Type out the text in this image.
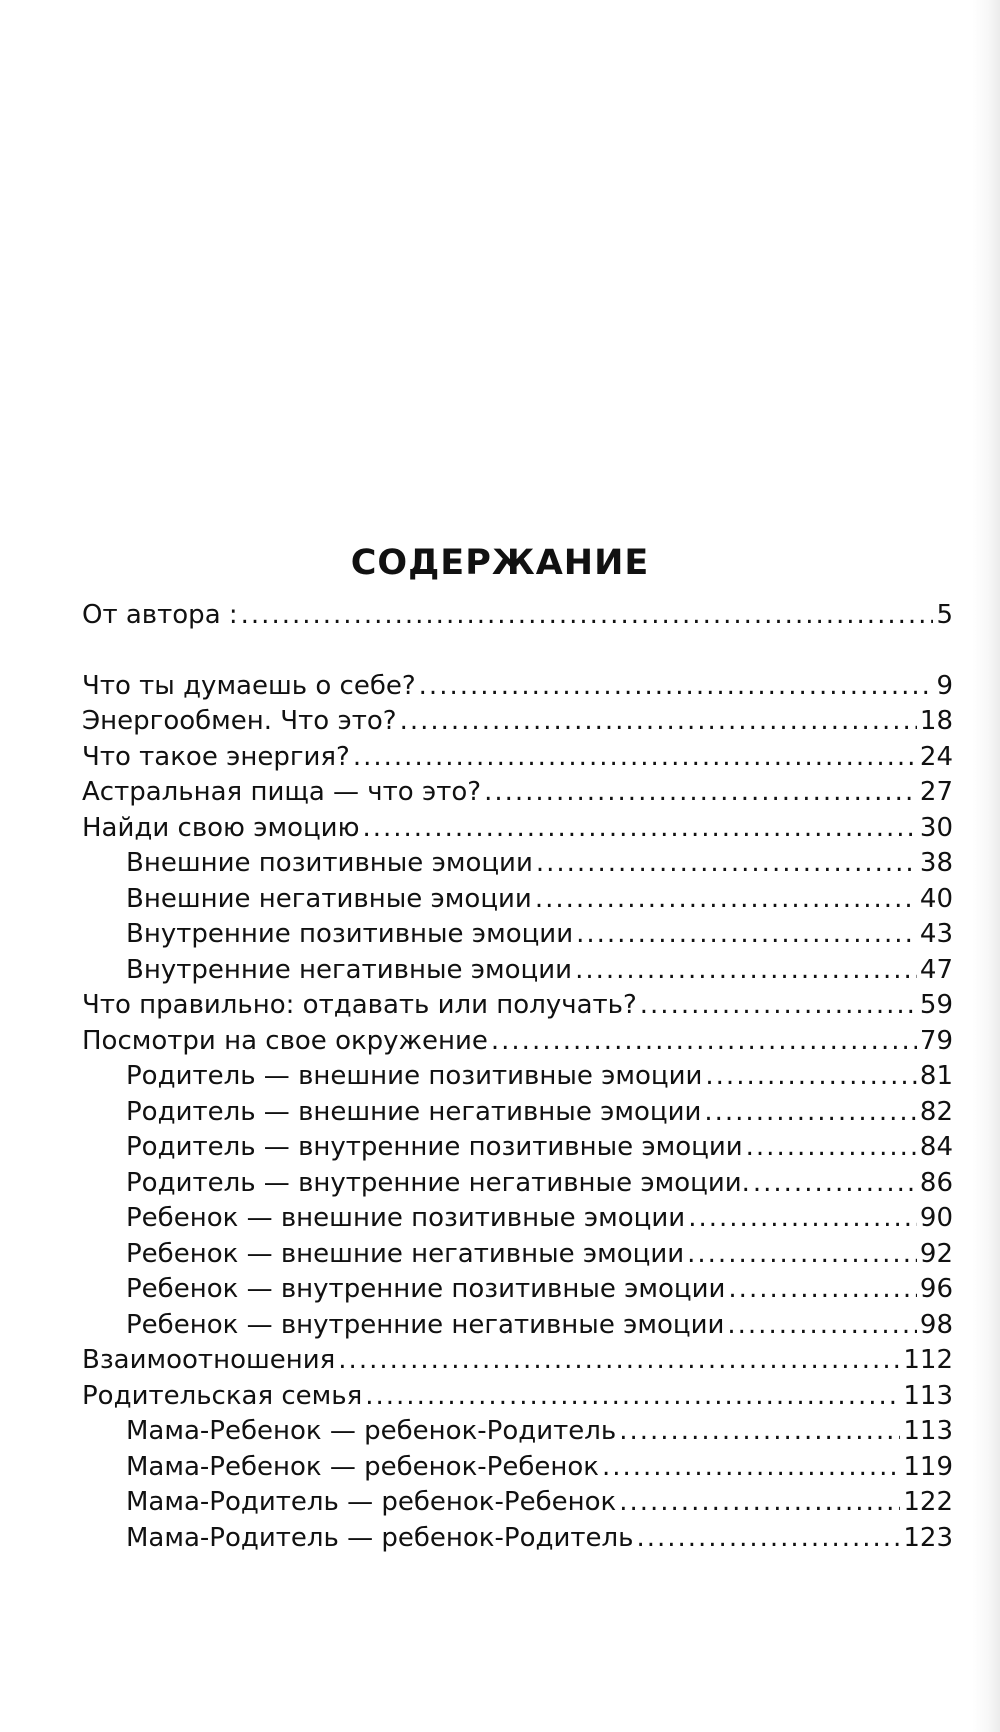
СОДЕРЖАНИЕ
От автора : .....	5
Что ты думаешь о себе? .....	9
Энергообмен. Что это? .....	18
Что такое энергия? .....	24
Астральная пища — что это? .....	27
Найди свою эмоцию .....	30
Внешние позитивные эмоции .....	38
Внешние негативные эмоции .....	40
Внутренние позитивные эмоции .....	43
Внутренние негативные эмоции .....	47
Что правильно: отдавать или получать? .....	59
Посмотри на свое окружение .....	79
Родитель — внешние позитивные эмоции .....	81
Родитель — внешние негативные эмоции .....	82
Родитель — внутренние позитивные эмоции .....	84
Родитель — внутренние негативные эмоции. .....	86
Ребенок — внешние позитивные эмоции .....	90
Ребенок — внешние негативные эмоции .....	92
Ребенок — внутренние позитивные эмоции .....	96
Ребенок — внутренние негативные эмоции .....	98
Взаимоотношения .....	112
Родительская семья .....	113
Мама-Ребенок — ребенок-Родитель .....	113
Мама-Ребенок — ребенок-Ребенок .....	119
Мама-Родитель — ребенок-Ребенок .....	122
Мама-Родитель — ребенок-Родитель .....	123
